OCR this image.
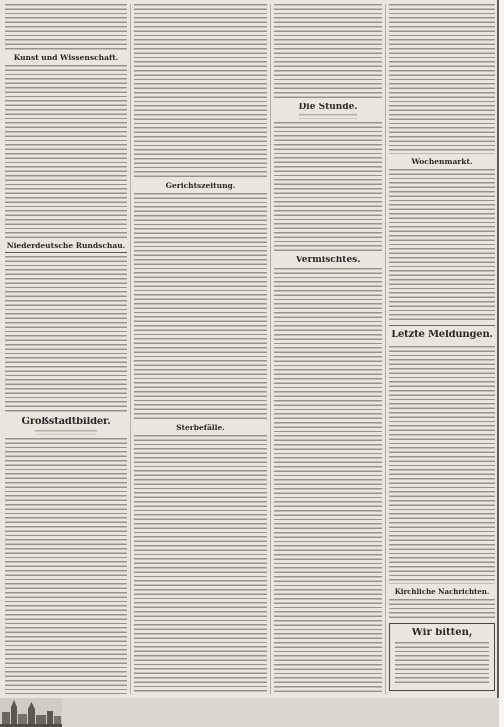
Kunst und Wissenschaft.
Niederdeutsche Rundschau.
Großstadtbilder.
Gerichtszeitung.
Sterbefälle.
Die Stunde.
Vermischtes.
Wochenmarkt.
Letzte Meldungen.
Kirchliche Nachrichten.
Wir bitten,
